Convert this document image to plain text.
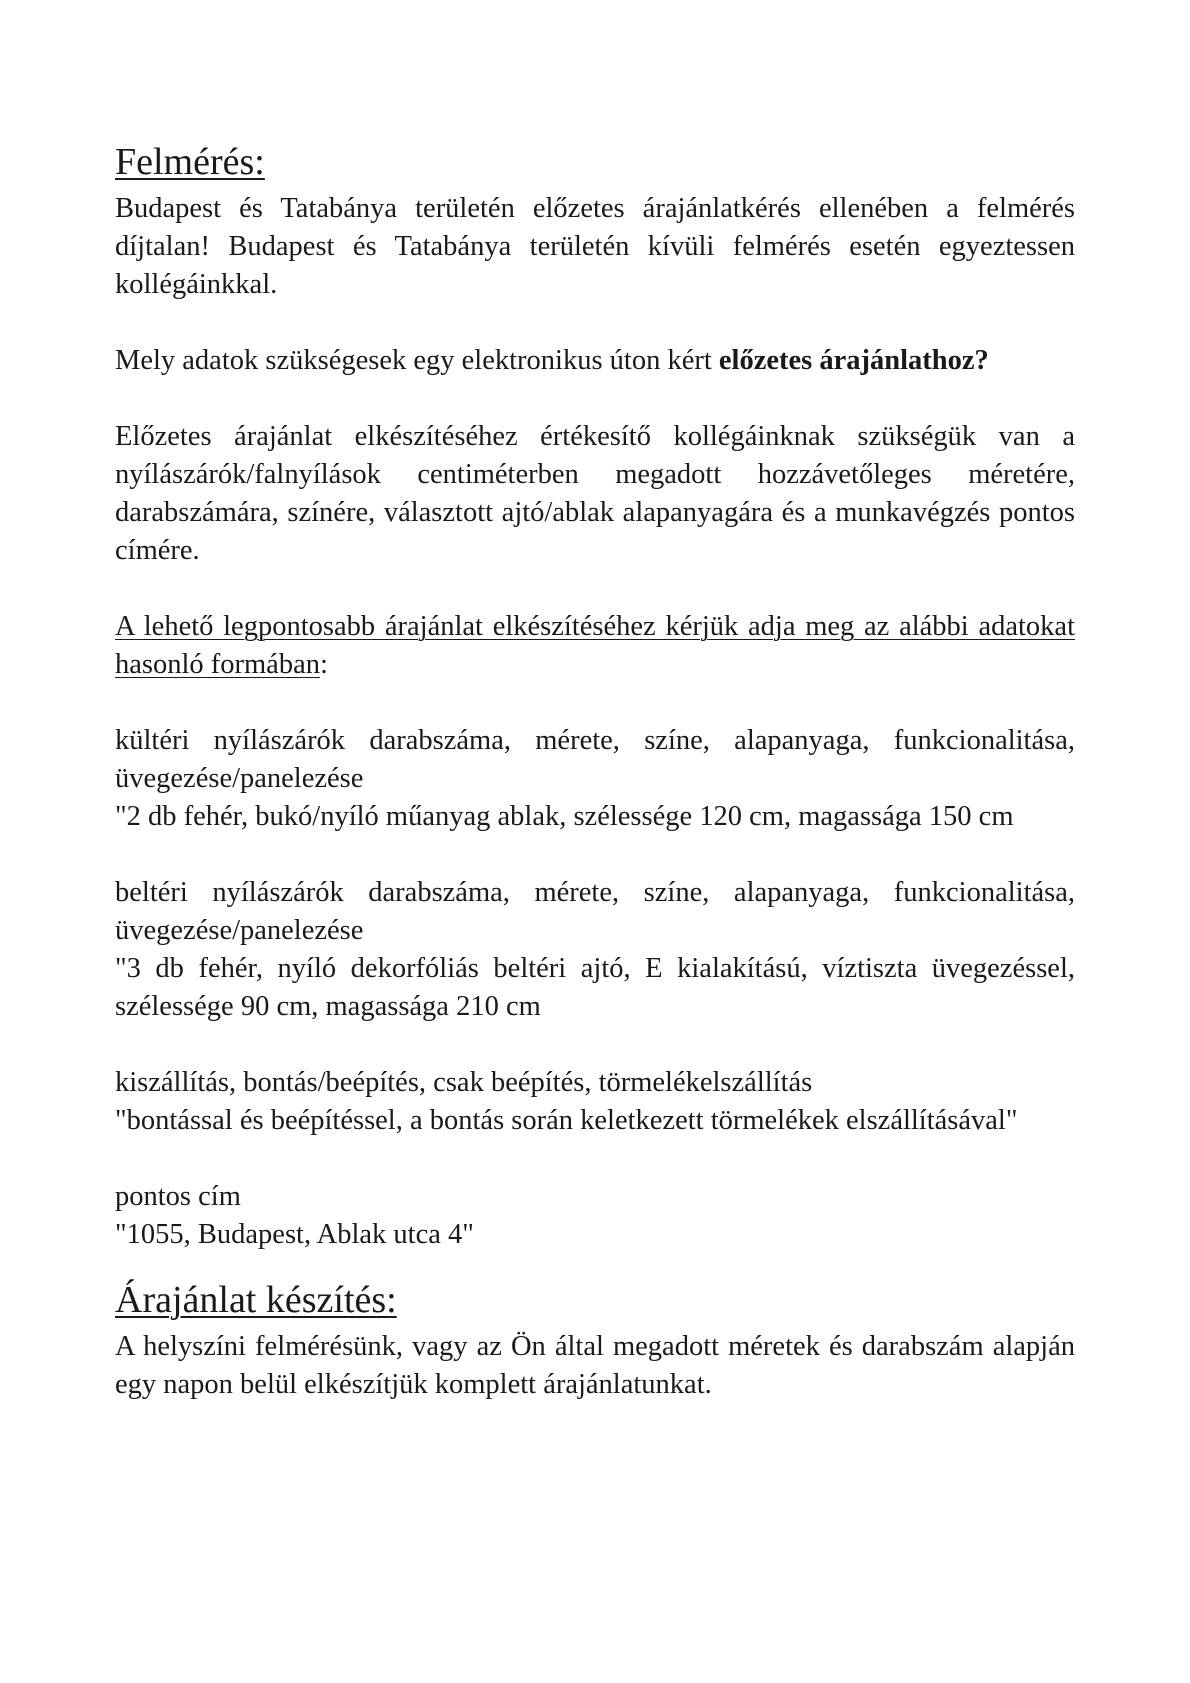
Felmérés:

Budapest és Tatabánya területén előzetes árajánlatkérés ellenében a felmérés díjtalan! Budapest és Tatabánya területén kívüli felmérés esetén egyeztessen kollégáinkkal.

Mely adatok szükségesek egy elektronikus úton kért előzetes árajánlathoz?

Előzetes árajánlat elkészítéséhez értékesítő kollégáinknak szükségük van a nyílászárók/falnyílások centiméterben megadott hozzávetőleges méretére, darabszámára, színére, választott ajtó/ablak alapanyagára és a munkavégzés pontos címére.

A lehető legpontosabb árajánlat elkészítéséhez kérjük adja meg az alábbi adatokat hasonló formában:

kültéri nyílászárók darabszáma, mérete, színe, alapanyaga, funkcionalitása, üvegezése/panelezése

"2 db fehér, bukó/nyíló műanyag ablak, szélessége 120 cm, magassága 150 cm

beltéri nyílászárók darabszáma, mérete, színe, alapanyaga, funkcionalitása, üvegezése/panelezése

"3 db fehér, nyíló dekorfóliás beltéri ajtó, E kialakítású, víztiszta üvegezéssel, szélessége 90 cm, magassága 210 cm

kiszállítás, bontás/beépítés, csak beépítés, törmelékelszállítás

"bontással és beépítéssel, a bontás során keletkezett törmelékek elszállításával"

pontos cím

"1055, Budapest, Ablak utca 4"

Árajánlat készítés:

A helyszíni felmérésünk, vagy az Ön által megadott méretek és darabszám alapján egy napon belül elkészítjük komplett árajánlatunkat.
